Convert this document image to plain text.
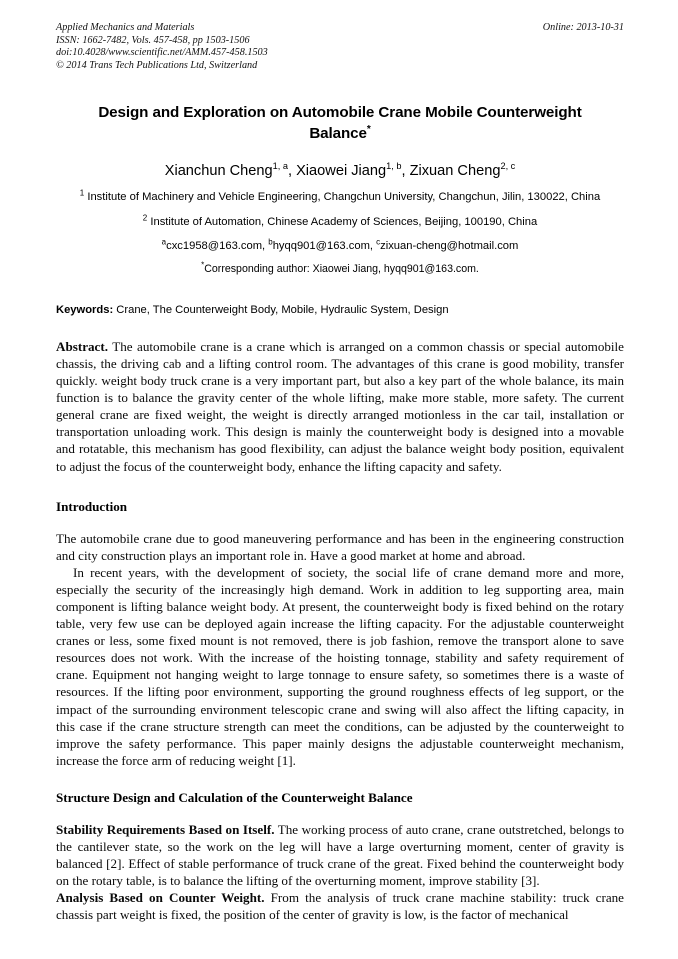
Applied Mechanics and Materials
ISSN: 1662-7482, Vols. 457-458, pp 1503-1506
doi:10.4028/www.scientific.net/AMM.457-458.1503
© 2014 Trans Tech Publications Ltd, Switzerland
Online: 2013-10-31
Design and Exploration on Automobile Crane Mobile Counterweight Balance*
Xianchun Cheng$^{1, a}$, Xiaowei Jiang$^{1, b}$, Zixuan Cheng$^{2, c}$
$^1$ Institute of Machinery and Vehicle Engineering, Changchun University, Changchun, Jilin, 130022, China
$^2$ Institute of Automation, Chinese Academy of Sciences, Beijing, 100190, China
$^a$cxc1958@163.com, $^b$hyqq901@163.com, $^c$zixuan-cheng@hotmail.com
*Corresponding author: Xiaowei Jiang, hyqq901@163.com.
Keywords: Crane, The Counterweight Body, Mobile, Hydraulic System, Design
Abstract. The automobile crane is a crane which is arranged on a common chassis or special automobile chassis, the driving cab and a lifting control room. The advantages of this crane is good mobility, transfer quickly. weight body truck crane is a very important part, but also a key part of the whole balance, its main function is to balance the gravity center of the whole lifting, make more stable, more safety. The current general crane are fixed weight, the weight is directly arranged motionless in the car tail, installation or transportation unloading work. This design is mainly the counterweight body is designed into a movable and rotatable, this mechanism has good flexibility, can adjust the balance weight body position, equivalent to adjust the focus of the counterweight body, enhance the lifting capacity and safety.
Introduction
The automobile crane due to good maneuvering performance and has been in the engineering construction and city construction plays an important role in. Have a good market at home and abroad.
In recent years, with the development of society, the social life of crane demand more and more, especially the security of the increasingly high demand. Work in addition to leg supporting area, main component is lifting balance weight body. At present, the counterweight body is fixed behind on the rotary table, very few use can be deployed again increase the lifting capacity. For the adjustable counterweight cranes or less, some fixed mount is not removed, there is job fashion, remove the transport alone to save resources does not work. With the increase of the hoisting tonnage, stability and safety requirement of crane. Equipment not hanging weight to large tonnage to ensure safety, so sometimes there is a waste of resources. If the lifting poor environment, supporting the ground roughness effects of leg support, or the impact of the surrounding environment telescopic crane and swing will also affect the lifting capacity, in this case if the crane structure strength can meet the conditions, can be adjusted by the counterweight to improve the safety performance. This paper mainly designs the adjustable counterweight mechanism, increase the force arm of reducing weight [1].
Structure Design and Calculation of the Counterweight Balance
Stability Requirements Based on Itself. The working process of auto crane, crane outstretched, belongs to the cantilever state, so the work on the leg will have a large overturning moment, center of gravity is balanced [2]. Effect of stable performance of truck crane of the great. Fixed behind the counterweight body on the rotary table, is to balance the lifting of the overturning moment, improve stability [3].
Analysis Based on Counter Weight. From the analysis of truck crane machine stability: truck crane chassis part weight is fixed, the position of the center of gravity is low, is the factor of mechanical
